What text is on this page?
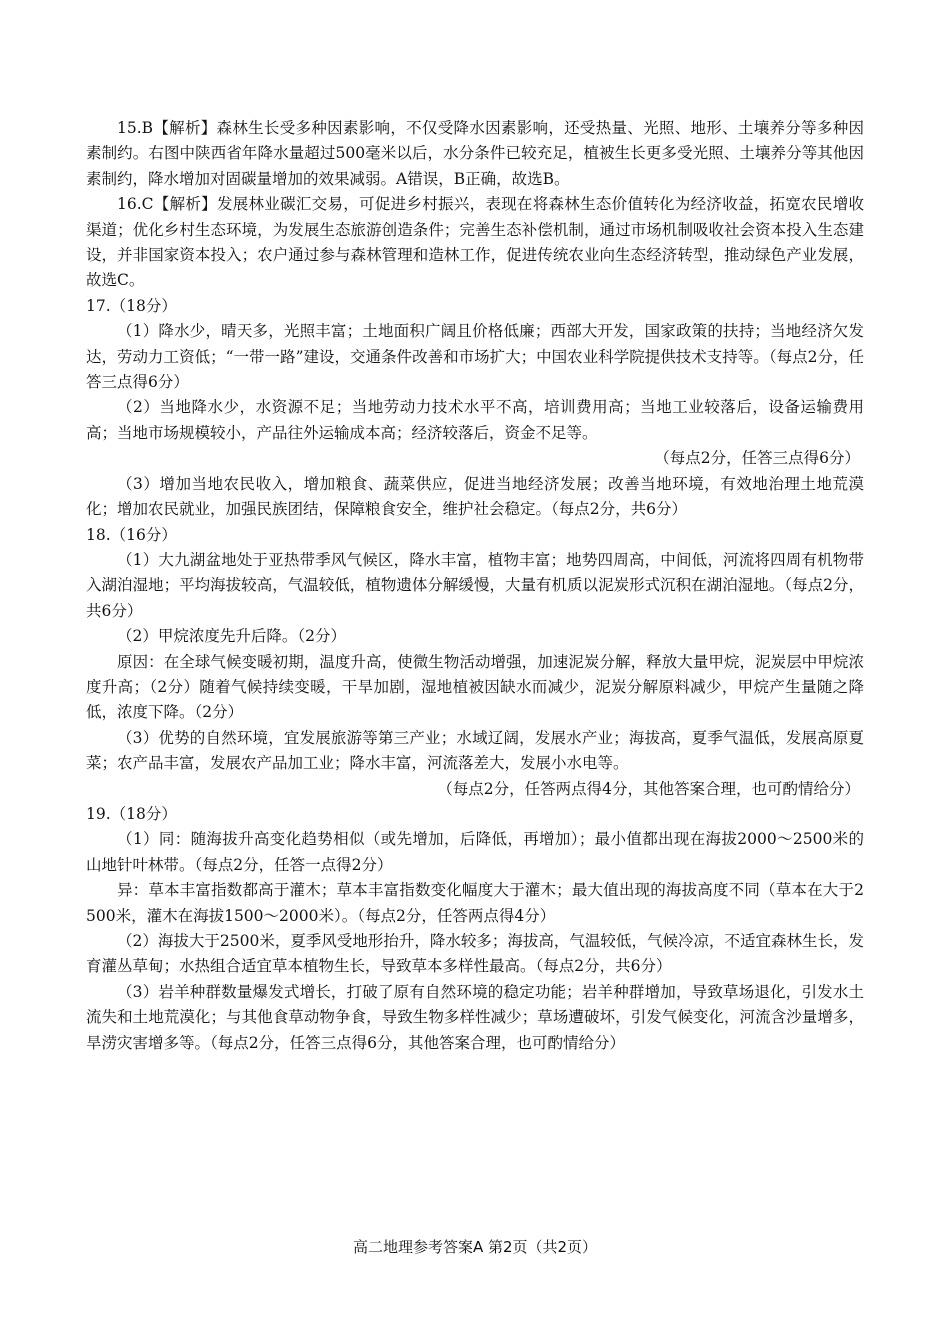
15.B【解析】森林生长受多种因素影响，不仅受降水因素影响，还受热量、光照、地形、土壤养分等多种因素制约。右图中陕西省年降水量超过500毫米以后，水分条件已较充足，植被生长更多受光照、土壤养分等其他因素制约，降水增加对固碳量增加的效果减弱。A错误，B正确，故选B。

16.C【解析】发展林业碳汇交易，可促进乡村振兴，表现在将森林生态价值转化为经济收益，拓宽农民增收渠道；优化乡村生态环境，为发展生态旅游创造条件；完善生态补偿机制，通过市场机制吸收社会资本投入生态建设，并非国家资本投入；农户通过参与森林管理和造林工作，促进传统农业向生态经济转型，推动绿色产业发展，故选C。

17.（18分）

（1）降水少，晴天多，光照丰富；土地面积广阔且价格低廉；西部大开发，国家政策的扶持；当地经济欠发达，劳动力工资低；“一带一路”建设，交通条件改善和市场扩大；中国农业科学院提供技术支持等。（每点2分，任答三点得6分）

（2）当地降水少，水资源不足；当地劳动力技术水平不高，培训费用高；当地工业较落后，设备运输费用高；当地市场规模较小，产品往外运输成本高；经济较落后，资金不足等。

（每点2分，任答三点得6分）

（3）增加当地农民收入，增加粮食、蔬菜供应，促进当地经济发展；改善当地环境，有效地治理土地荒漠化；增加农民就业，加强民族团结，保障粮食安全，维护社会稳定。（每点2分，共6分）

18.（16分）

（1）大九湖盆地处于亚热带季风气候区，降水丰富，植物丰富；地势四周高，中间低，河流将四周有机物带入湖泊湿地；平均海拔较高，气温较低，植物遗体分解缓慢，大量有机质以泥炭形式沉积在湖泊湿地。（每点2分，共6分）

（2）甲烷浓度先升后降。（2分）

原因：在全球气候变暖初期，温度升高，使微生物活动增强，加速泥炭分解，释放大量甲烷，泥炭层中甲烷浓度升高；（2分）随着气候持续变暖，干旱加剧，湿地植被因缺水而减少，泥炭分解原料减少，甲烷产生量随之降低，浓度下降。（2分）

（3）优势的自然环境，宜发展旅游等第三产业；水域辽阔，发展水产业；海拔高，夏季气温低，发展高原夏菜；农产品丰富，发展农产品加工业；降水丰富，河流落差大，发展小水电等。

（每点2分，任答两点得4分，其他答案合理，也可酌情给分）

19.（18分）

（1）同：随海拔升高变化趋势相似（或先增加，后降低，再增加）；最小值都出现在海拔2000～2500米的山地针叶林带。（每点2分，任答一点得2分）

异：草本丰富指数都高于灌木；草本丰富指数变化幅度大于灌木；最大值出现的海拔高度不同（草本在大于2500米，灌木在海拔1500～2000米）。（每点2分，任答两点得4分）

（2）海拔大于2500米，夏季风受地形抬升，降水较多；海拔高，气温较低，气候冷凉，不适宜森林生长，发育灌丛草甸；水热组合适宜草本植物生长，导致草本多样性最高。（每点2分，共6分）

（3）岩羊种群数量爆发式增长，打破了原有自然环境的稳定功能；岩羊种群增加，导致草场退化，引发水土流失和土地荒漠化；与其他食草动物争食，导致生物多样性减少；草场遭破坏，引发气候变化，河流含沙量增多，旱涝灾害增多等。（每点2分，任答三点得6分，其他答案合理，也可酌情给分）

高二地理参考答案A 第2页（共2页）
